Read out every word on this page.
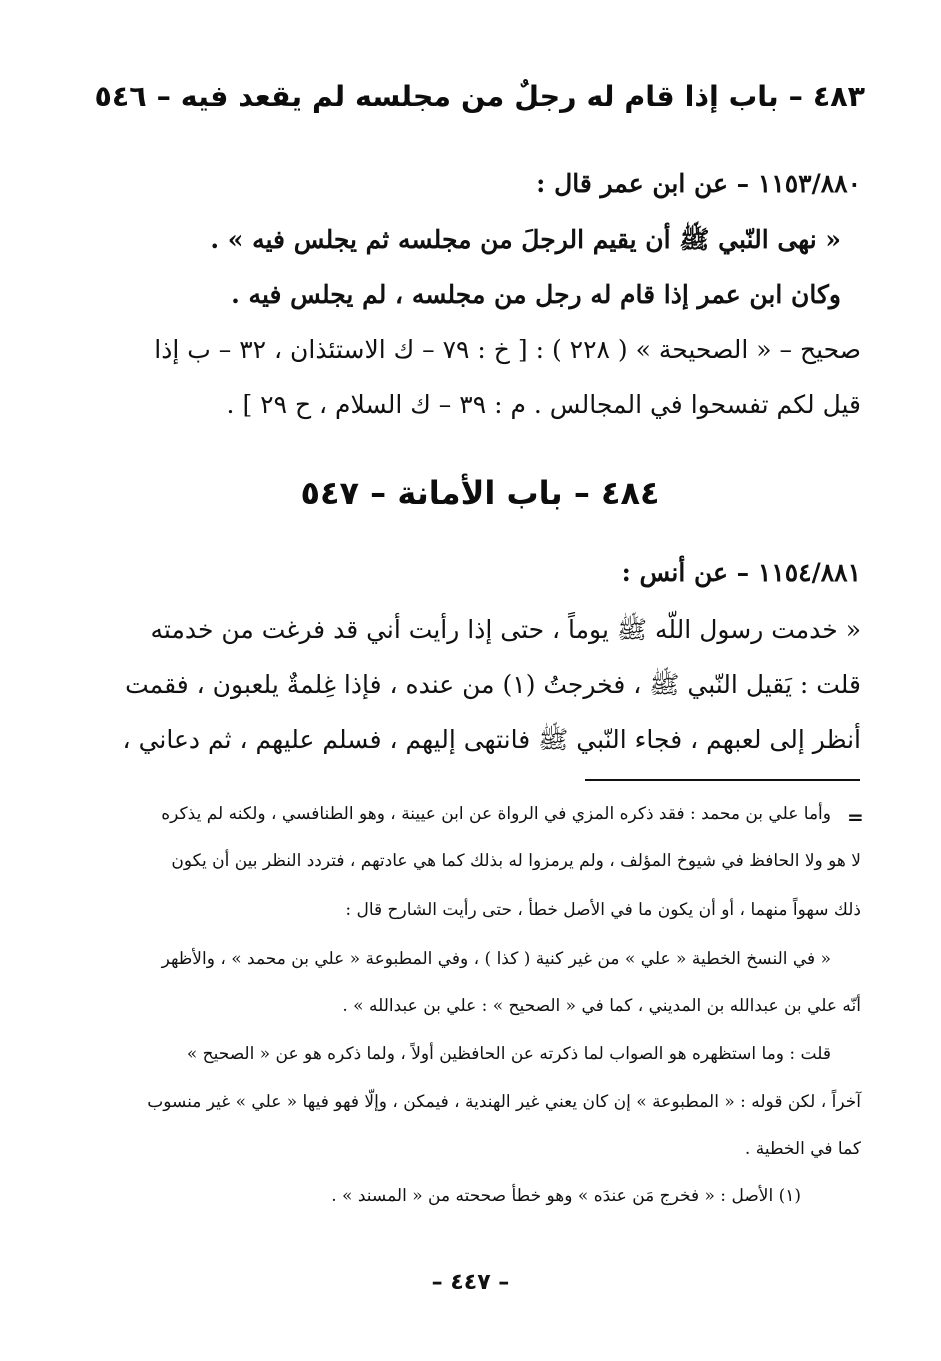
٤٨٣ – باب إذا قام له رجلٌ من مجلسه لم يقعد فيه – ٥٤٦
١١٥٣/٨٨٠ – عن ابن عمر قال :
« نهى النّبي ﷺ أن يقيم الرجلَ من مجلسه ثم يجلس فيه » .
وكان ابن عمر إذا قام له رجل من مجلسه ، لم يجلس فيه .
صحيح – « الصحيحة » ( ٢٢٨ ) : [ خ : ٧٩ – ك الاستئذان ، ٣٢ – ب إذا
قيل لكم تفسحوا في المجالس . م : ٣٩ – ك السلام ، ح ٢٩ ] .
٤٨٤ – باب الأمانة – ٥٤٧
١١٥٤/٨٨١ – عن أنس :
« خدمت رسول اللّه ﷺ يوماً ، حتى إذا رأيت أني قد فرغت من خدمته
قلت : يَقيل النّبي ﷺ ، فخرجتُ (١) من عنده ، فإذا غِلمةٌ يلعبون ، فقمت
أنظر إلى لعبهم ، فجاء النّبي ﷺ فانتهى إليهم ، فسلم عليهم ، ثم دعاني ،
=
وأما علي بن محمد : فقد ذكره المزي في الرواة عن ابن عيينة ، وهو الطنافسي ، ولكنه لم يذكره
لا هو ولا الحافظ في شيوخ المؤلف ، ولم يرمزوا له بذلك كما هي عادتهم ، فتردد النظر بين أن يكون
ذلك سهواً منهما ، أو أن يكون ما في الأصل خطأ ، حتى رأيت الشارح قال :
« في النسخ الخطية « علي » من غير كنية ( كذا ) ، وفي المطبوعة « علي بن محمد » ، والأظهر
أنّه علي بن عبدالله بن المديني ، كما في « الصحيح » : علي بن عبدالله » .
قلت : وما استظهره هو الصواب لما ذكرته عن الحافظين أولاً ، ولما ذكره هو عن « الصحيح »
آخراً ، لكن قوله : « المطبوعة » إن كان يعني غير الهندية ، فيمكن ، وإلّا فهو فيها « علي » غير منسوب
كما في الخطية .
(١) الأصل : « فخرج مَن عندَه » وهو خطأ صححته من « المسند » .
– ٤٤٧ –
